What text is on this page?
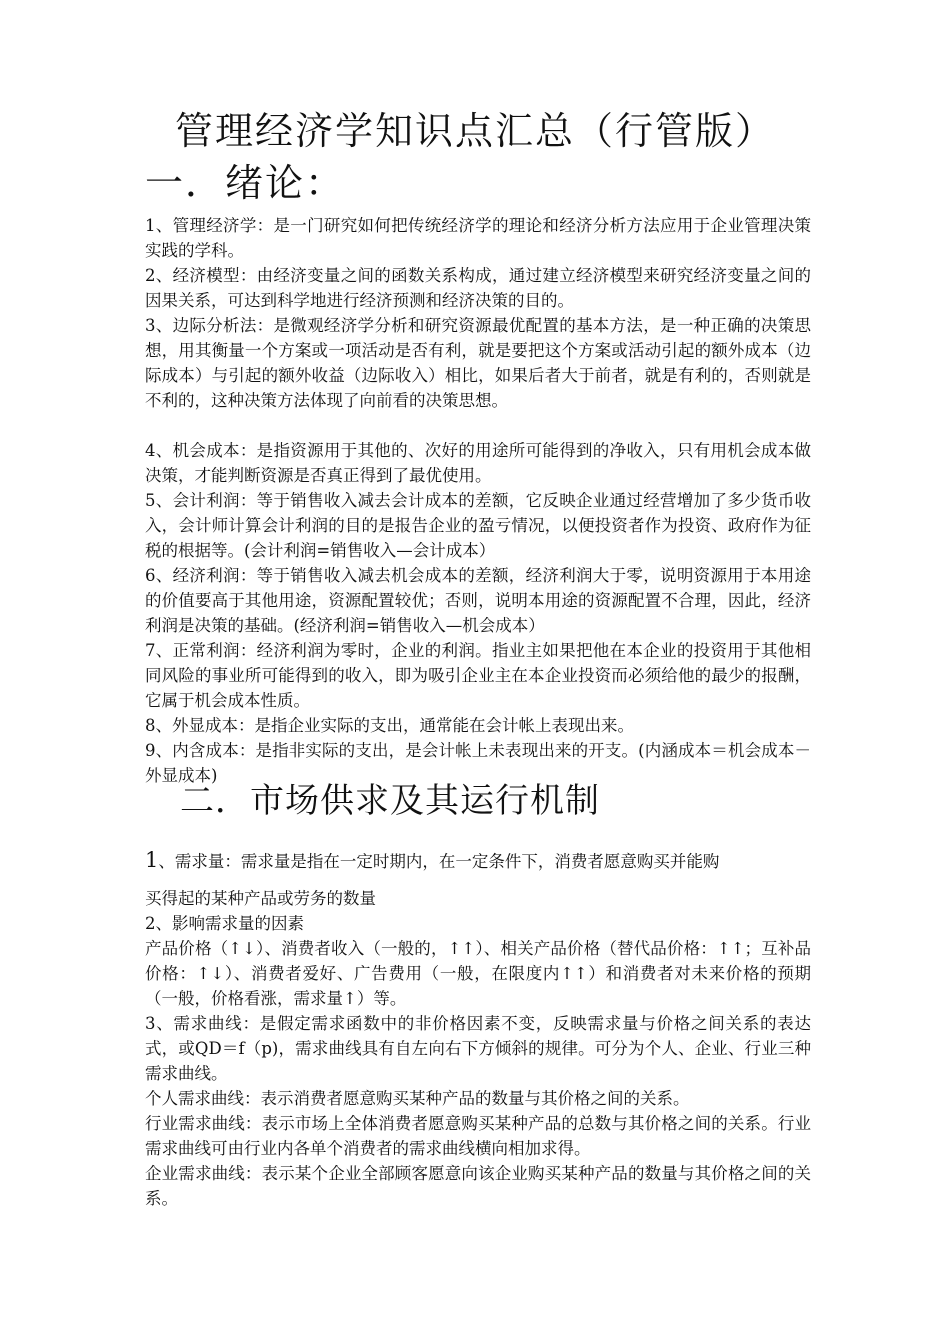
管理经济学知识点汇总（行管版）
一．绪论：

1、管理经济学：是一门研究如何把传统经济学的理论和经济分析方法应用于企业管理决策实践的学科。

2、经济模型：由经济变量之间的函数关系构成，通过建立经济模型来研究经济变量之间的因果关系，可达到科学地进行经济预测和经济决策的目的。

3、边际分析法：是微观经济学分析和研究资源最优配置的基本方法，是一种正确的决策思想，用其衡量一个方案或一项活动是否有利，就是要把这个方案或活动引起的额外成本（边际成本）与引起的额外收益（边际收入）相比，如果后者大于前者，就是有利的，否则就是不利的，这种决策方法体现了向前看的决策思想。

4、机会成本：是指资源用于其他的、次好的用途所可能得到的净收入，只有用机会成本做决策，才能判断资源是否真正得到了最优使用。

5、会计利润：等于销售收入减去会计成本的差额，它反映企业通过经营增加了多少货币收入，会计师计算会计利润的目的是报告企业的盈亏情况，以便投资者作为投资、政府作为征税的根据等。(会计利润=销售收入—会计成本）

6、经济利润：等于销售收入减去机会成本的差额，经济利润大于零，说明资源用于本用途的价值要高于其他用途，资源配置较优；否则，说明本用途的资源配置不合理，因此，经济利润是决策的基础。(经济利润=销售收入—机会成本）

7、正常利润：经济利润为零时，企业的利润。指业主如果把他在本企业的投资用于其他相同风险的事业所可能得到的收入，即为吸引企业主在本企业投资而必须给他的最少的报酬，它属于机会成本性质。

8、外显成本：是指企业实际的支出，通常能在会计帐上表现出来。

9、内含成本：是指非实际的支出，是会计帐上未表现出来的开支。(内涵成本＝机会成本－外显成本)

二．市场供求及其运行机制

1、需求量：需求量是指在一定时期内，在一定条件下，消费者愿意购买并能购

买得起的某种产品或劳务的数量

2、影响需求量的因素

产品价格（↑↓）、消费者收入（一般的，↑↑）、相关产品价格（替代品价格：↑↑；互补品价格：↑↓）、消费者爱好、广告费用（一般，在限度内↑↑）和消费者对未来价格的预期（一般，价格看涨，需求量↑）等。

3、需求曲线：是假定需求函数中的非价格因素不变，反映需求量与价格之间关系的表达式，或QD＝f（p)，需求曲线具有自左向右下方倾斜的规律。可分为个人、企业、行业三种需求曲线。

个人需求曲线：表示消费者愿意购买某种产品的数量与其价格之间的关系。

行业需求曲线：表示市场上全体消费者愿意购买某种产品的总数与其价格之间的关系。行业需求曲线可由行业内各单个消费者的需求曲线横向相加求得。

企业需求曲线：表示某个企业全部顾客愿意向该企业购买某种产品的数量与其价格之间的关系。
